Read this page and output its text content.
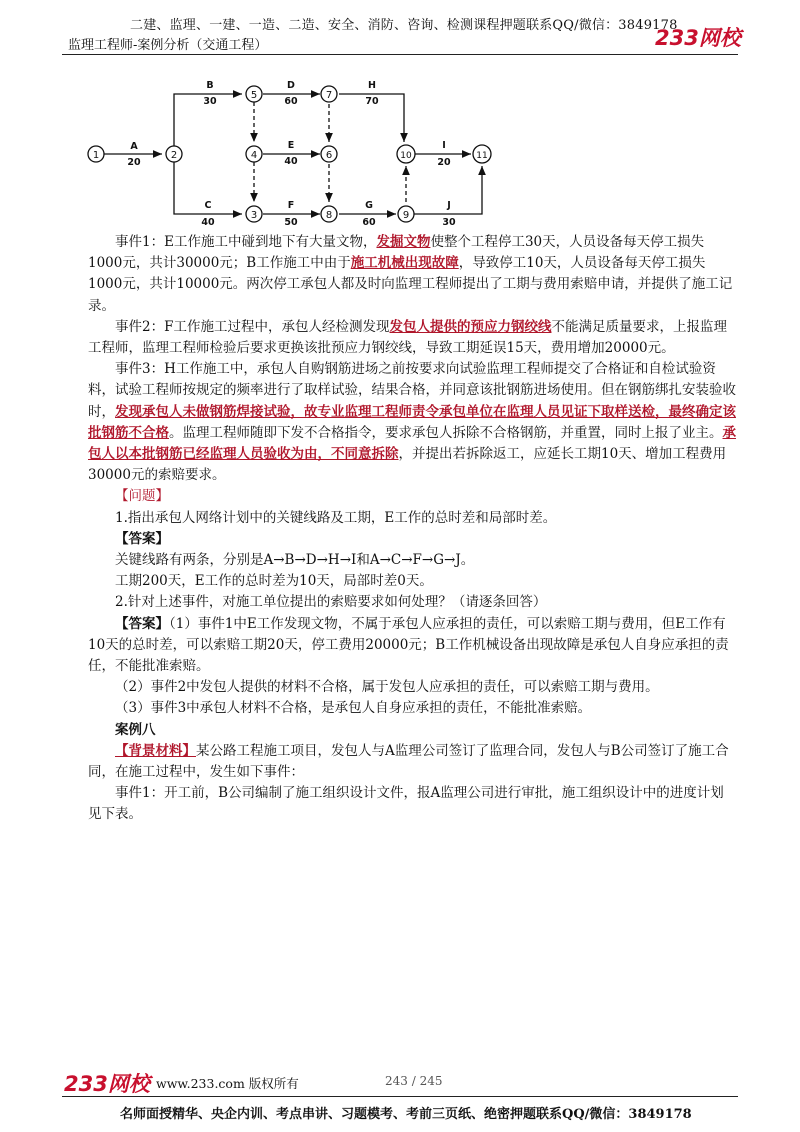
二建、监理、一建、一造、二造、安全、消防、咨询、检测课程押题联系QQ/微信：3849178
233网校
监理工程师-案例分析（交通工程）
1	2
3
4
5
6
7
8	9
10	11
A
20
B
30
C
40
D
60
E
40
F
50
G
60
H
70
I
20
J
30

事件1：E工作施工中碰到地下有大量文物，发掘文物使整个工程停工30天，人员设备每天停工损失1000元，共计30000元；B工作施工中由于施工机械出现故障，导致停工10天，人员设备每天停工损失1000元，共计10000元。两次停工承包人都及时向监理工程师提出了工期与费用索赔申请，并提供了施工记录。

事件2：F工作施工过程中，承包人经检测发现发包人提供的预应力钢绞线不能满足质量要求，上报监理工程师，监理工程师检验后要求更换该批预应力钢绞线，导致工期延误15天，费用增加20000元。

事件3：H工作施工中，承包人自购钢筋进场之前按要求向试验监理工程师提交了合格证和自检试验资料，试验工程师按规定的频率进行了取样试验，结果合格，并同意该批钢筋进场使用。但在钢筋绑扎安装验收时，发现承包人未做钢筋焊接试验，故专业监理工程师责令承包单位在监理人员见证下取样送检，最终确定该批钢筋不合格。监理工程师随即下发不合格指令，要求承包人拆除不合格钢筋，并重置，同时上报了业主。承包人以本批钢筋已经监理人员验收为由，不同意拆除，并提出若拆除返工，应延长工期10天、增加工程费用30000元的索赔要求。

【问题】

1.指出承包人网络计划中的关键线路及工期，E工作的总时差和局部时差。

【答案】

关键线路有两条，分别是A→B→D→H→I和A→C→F→G→J。

工期200天，E工作的总时差为10天，局部时差0天。

2.针对上述事件，对施工单位提出的索赔要求如何处理？（请逐条回答）

【答案】（1）事件1中E工作发现文物，不属于承包人应承担的责任，可以索赔工期与费用，但E工作有10天的总时差，可以索赔工期20天，停工费用20000元；B工作机械设备出现故障是承包人自身应承担的责任，不能批准索赔。

（2）事件2中发包人提供的材料不合格，属于发包人应承担的责任，可以索赔工期与费用。

（3）事件3中承包人材料不合格，是承包人自身应承担的责任，不能批准索赔。

案例八

【背景材料】某公路工程施工项目，发包人与A监理公司签订了监理合同，发包人与B公司签订了施工合同，在施工过程中，发生如下事件：

事件1：开工前，B公司编制了施工组织设计文件，报A监理公司进行审批，施工组织设计中的进度计划见下表。

233网校 www.233.com 版权所有	243 / 245
名师面授精华、央企内训、考点串讲、习题模考、考前三页纸、绝密押题联系QQ/微信：3849178
